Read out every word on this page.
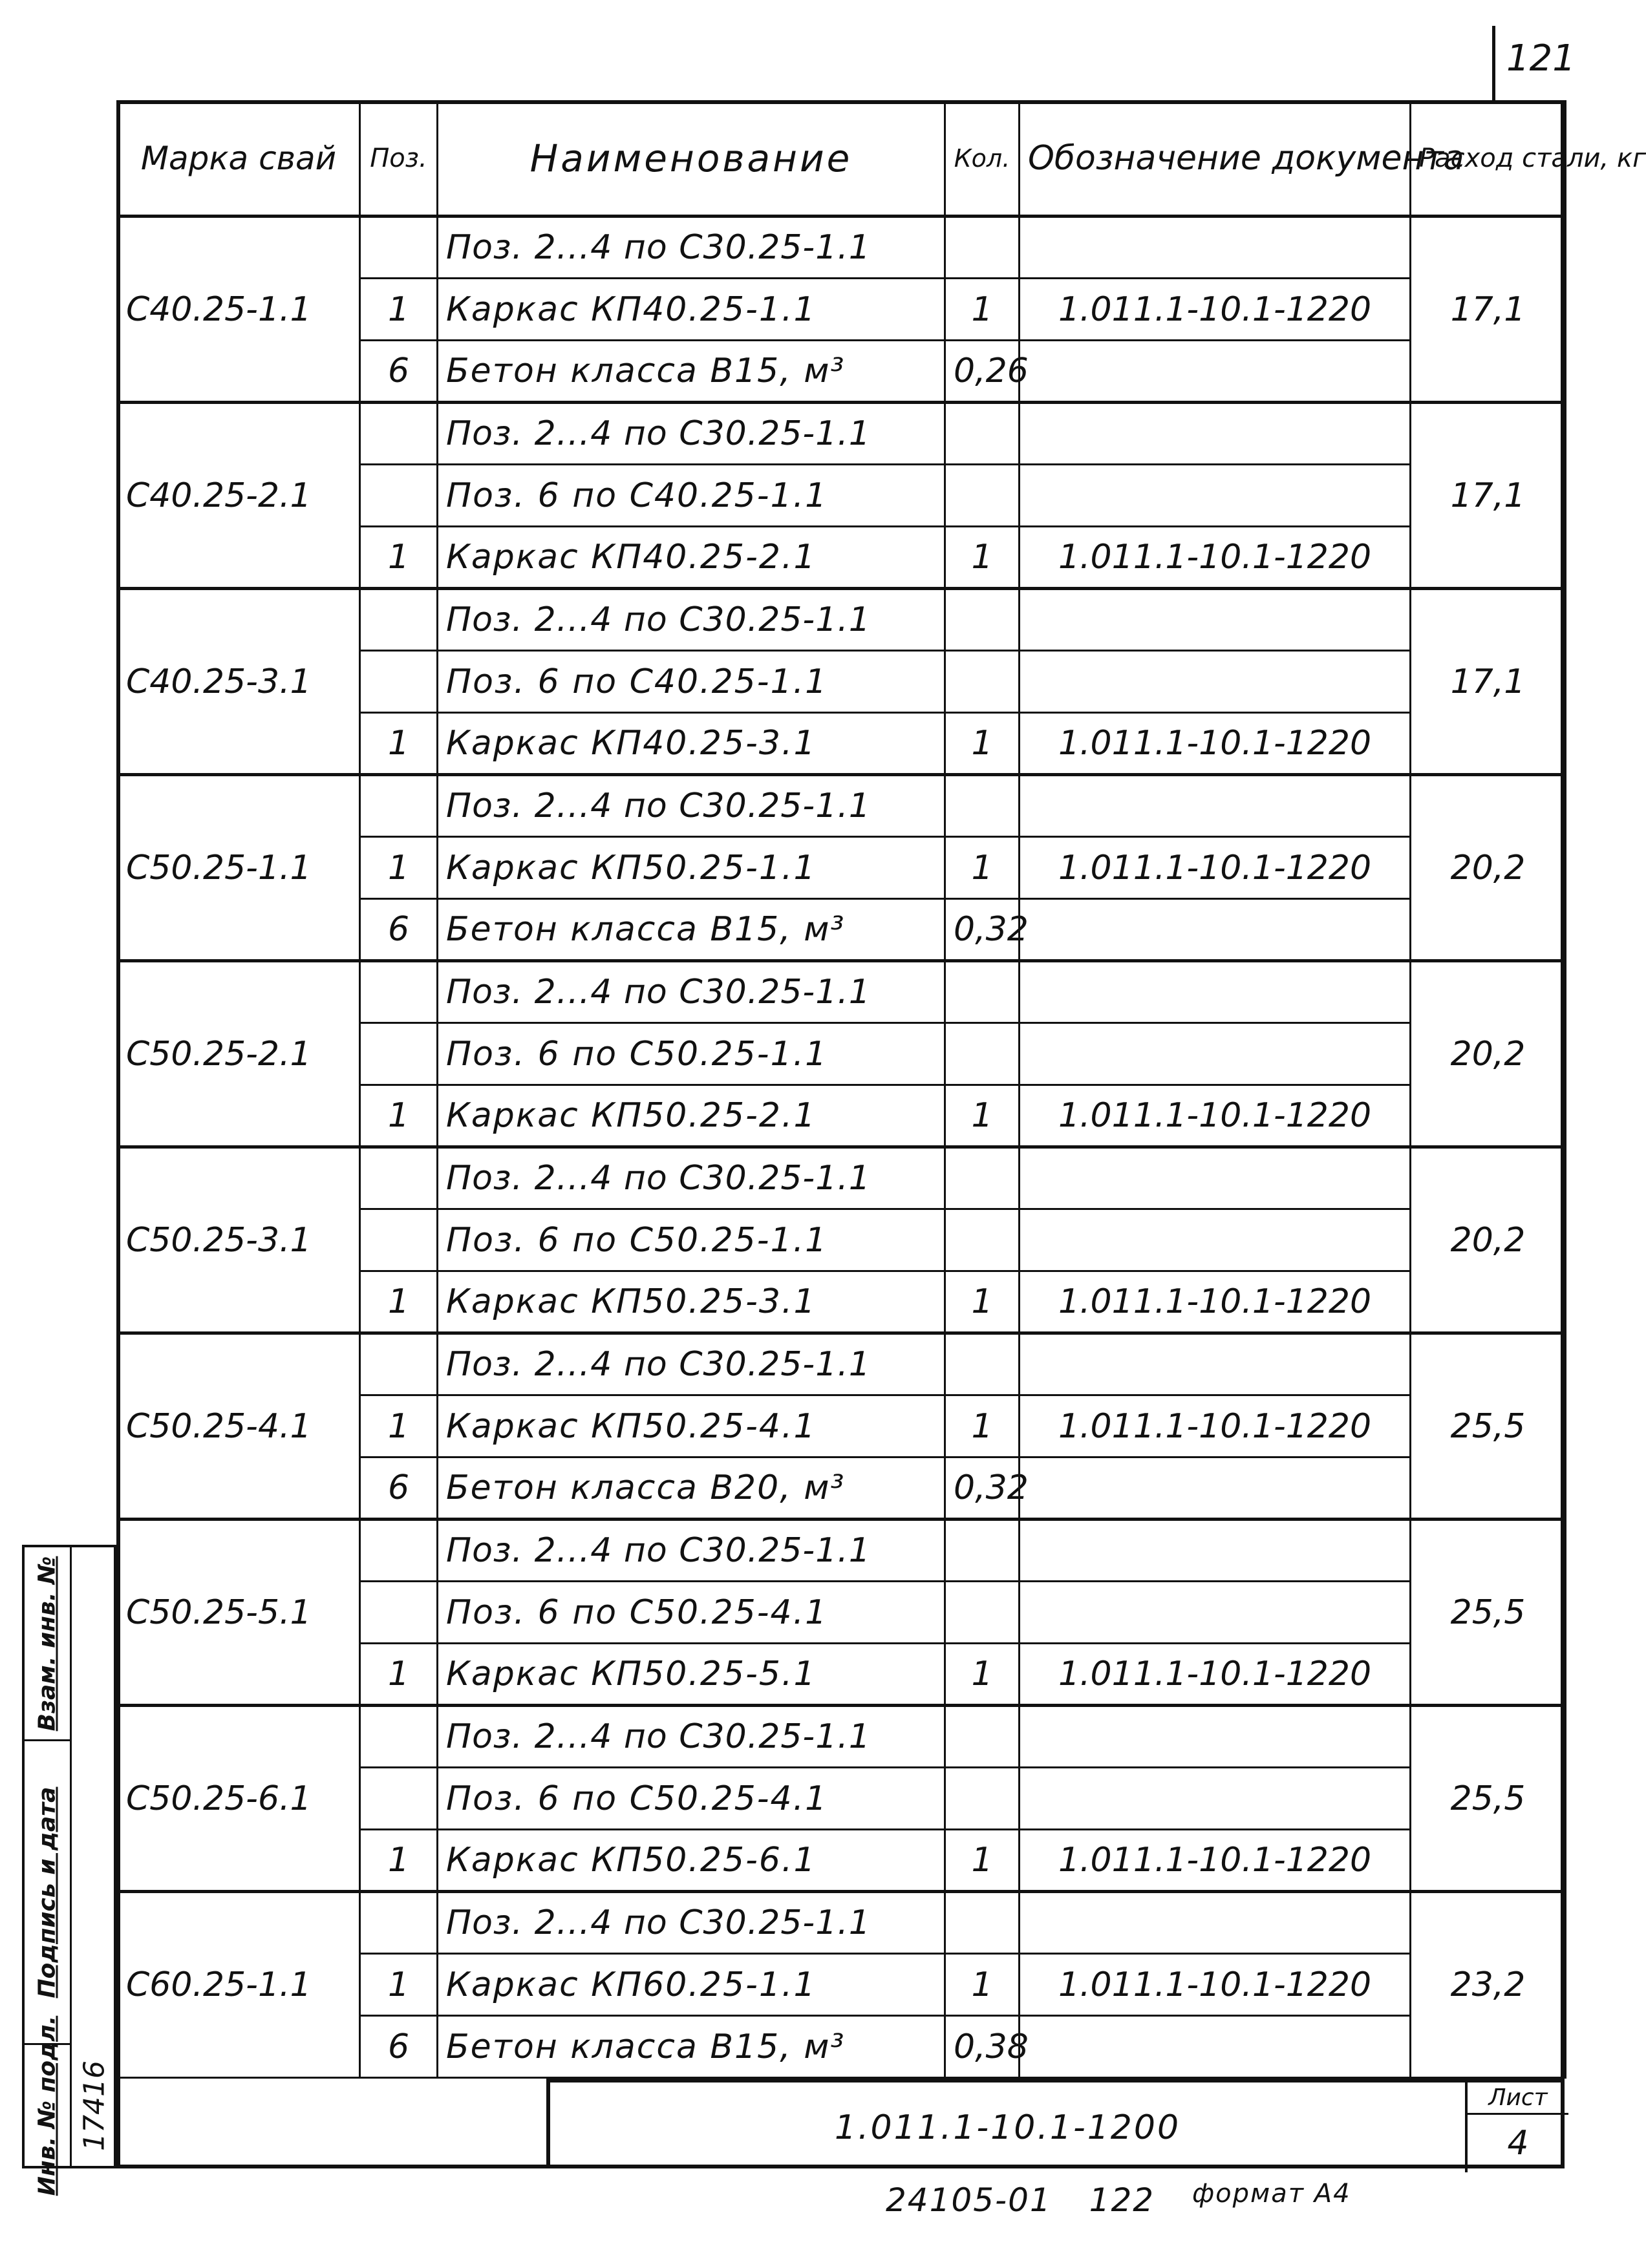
121
Марка свай	Поз.	Наименование	Кол.	Обозначение документа	Расход стали, кг
С40.25-1.1		Поз. 2...4 по С30.25-1.1			17,1
	1	Каркас КП40.25-1.1	1	1.011.1-10.1-1220	
	6	Бетон класса В15, м³	0,26		
С40.25-2.1		Поз. 2...4 по С30.25-1.1			17,1
		Поз. 6 по С40.25-1.1			
	1	Каркас КП40.25-2.1	1	1.011.1-10.1-1220	
С40.25-3.1		Поз. 2...4 по С30.25-1.1			17,1
		Поз. 6 по С40.25-1.1			
	1	Каркас КП40.25-3.1	1	1.011.1-10.1-1220	
С50.25-1.1		Поз. 2...4 по С30.25-1.1			20,2
	1	Каркас КП50.25-1.1	1	1.011.1-10.1-1220	
	6	Бетон класса В15, м³	0,32		
С50.25-2.1		Поз. 2...4 по С30.25-1.1			20,2
		Поз. 6 по С50.25-1.1			
	1	Каркас КП50.25-2.1	1	1.011.1-10.1-1220	
С50.25-3.1		Поз. 2...4 по С30.25-1.1			20,2
		Поз. 6 по С50.25-1.1			
	1	Каркас КП50.25-3.1	1	1.011.1-10.1-1220	
С50.25-4.1		Поз. 2...4 по С30.25-1.1			25,5
	1	Каркас КП50.25-4.1	1	1.011.1-10.1-1220	
	6	Бетон класса В20, м³	0,32		
С50.25-5.1		Поз. 2...4 по С30.25-1.1			25,5
		Поз. 6 по С50.25-4.1			
	1	Каркас КП50.25-5.1	1	1.011.1-10.1-1220	
С50.25-6.1		Поз. 2...4 по С30.25-1.1			25,5
		Поз. 6 по С50.25-4.1			
	1	Каркас КП50.25-6.1	1	1.011.1-10.1-1220	
С60.25-1.1		Поз. 2...4 по С30.25-1.1			23,2
	1	Каркас КП60.25-1.1	1	1.011.1-10.1-1220	
	6	Бетон класса В15, м³	0,38		
1.011.1-10.1-1200
Лист
4
24105-01 122 $^{формат А4}$
Взам. инв. №
Подпись и дата
Инв. № подл. 17416
